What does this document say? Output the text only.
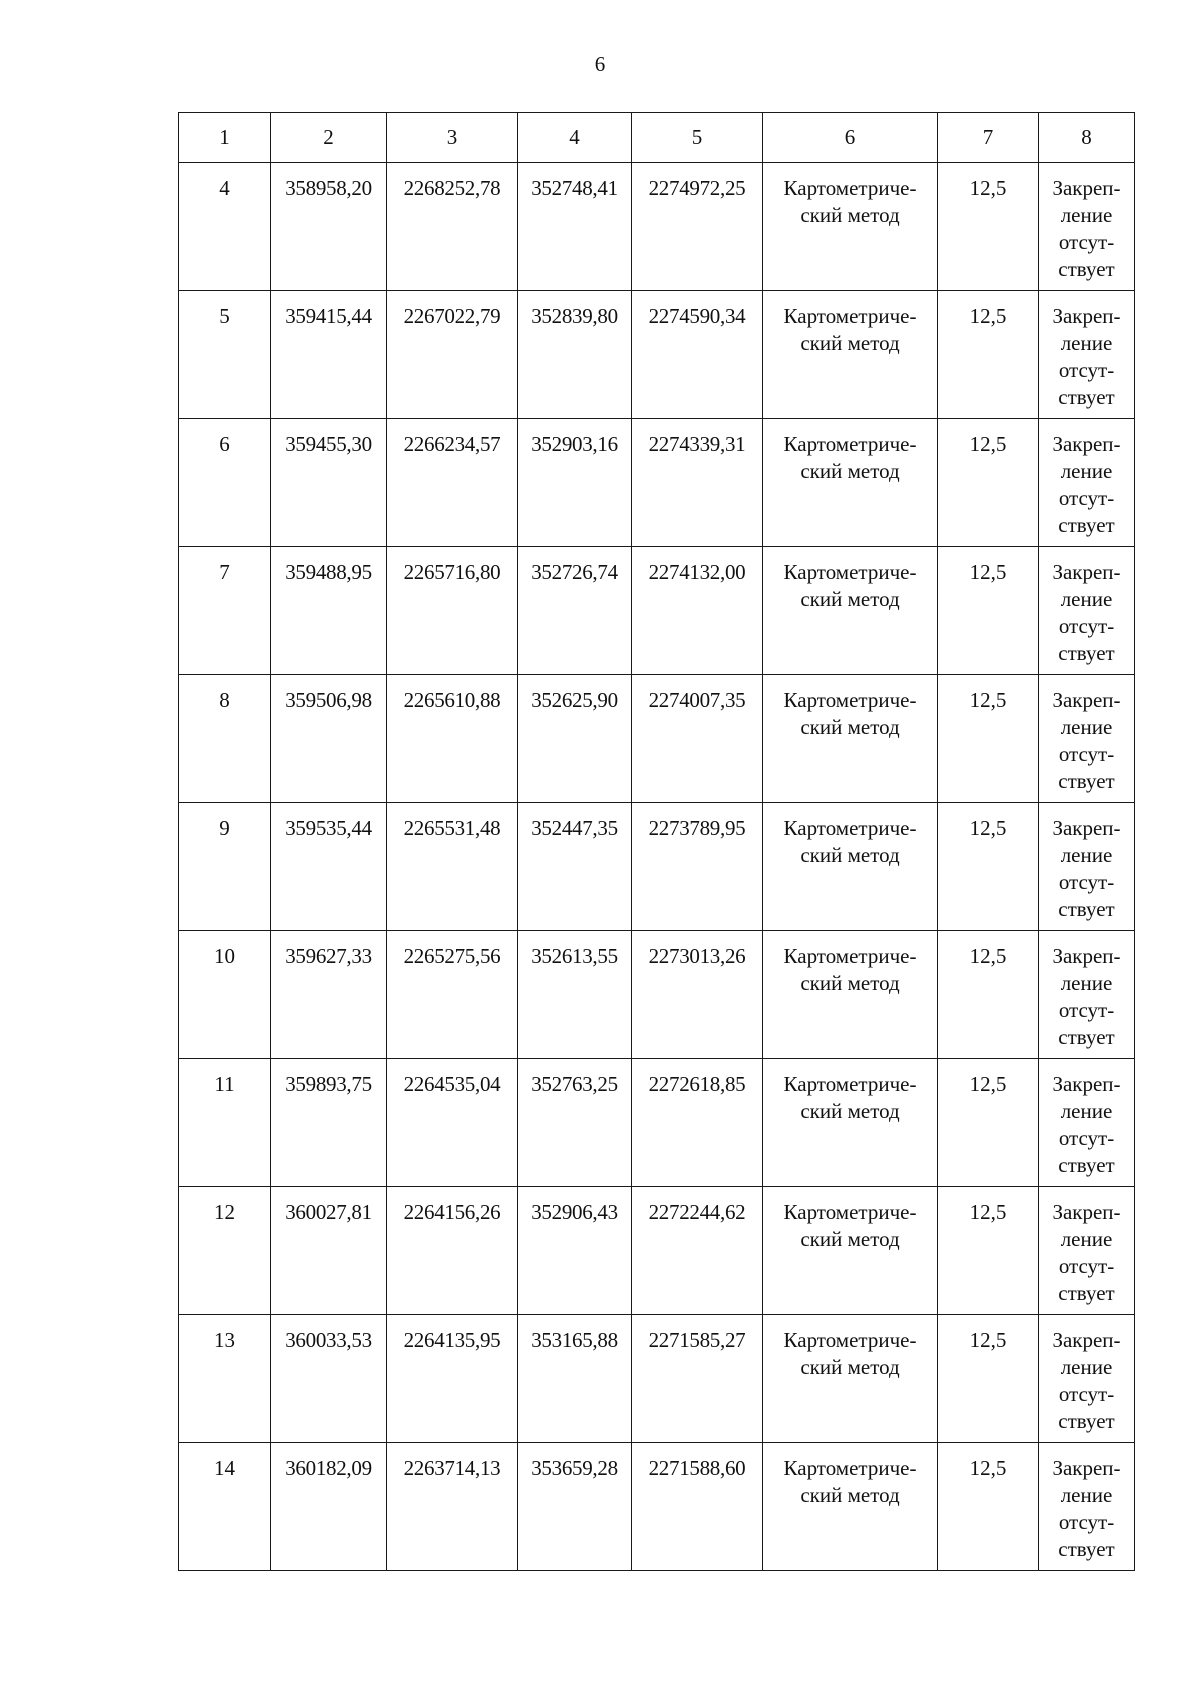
6
1	2	3	4	5	6	7	8
4	358958,20	2268252,78	352748,41	2274972,25	Картометриче-
ский метод	12,5	Закреп-
ление
отсут-
ствует

5	359415,44	2267022,79	352839,80	2274590,34	Картометриче-
ский метод	12,5	Закреп-
ление
отсут-
ствует

6	359455,30	2266234,57	352903,16	2274339,31	Картометриче-
ский метод	12,5	Закреп-
ление
отсут-
ствует

7	359488,95	2265716,80	352726,74	2274132,00	Картометриче-
ский метод	12,5	Закреп-
ление
отсут-
ствует

8	359506,98	2265610,88	352625,90	2274007,35	Картометриче-
ский метод	12,5	Закреп-
ление
отсут-
ствует

9	359535,44	2265531,48	352447,35	2273789,95	Картометриче-
ский метод	12,5	Закреп-
ление
отсут-
ствует

10	359627,33	2265275,56	352613,55	2273013,26	Картометриче-
ский метод	12,5	Закреп-
ление
отсут-
ствует

11	359893,75	2264535,04	352763,25	2272618,85	Картометриче-
ский метод	12,5	Закреп-
ление
отсут-
ствует

12	360027,81	2264156,26	352906,43	2272244,62	Картометриче-
ский метод	12,5	Закреп-
ление
отсут-
ствует

13	360033,53	2264135,95	353165,88	2271585,27	Картометриче-
ский метод	12,5	Закреп-
ление
отсут-
ствует

14	360182,09	2263714,13	353659,28	2271588,60	Картометриче-
ский метод	12,5	Закреп-
ление
отсут-
ствует
